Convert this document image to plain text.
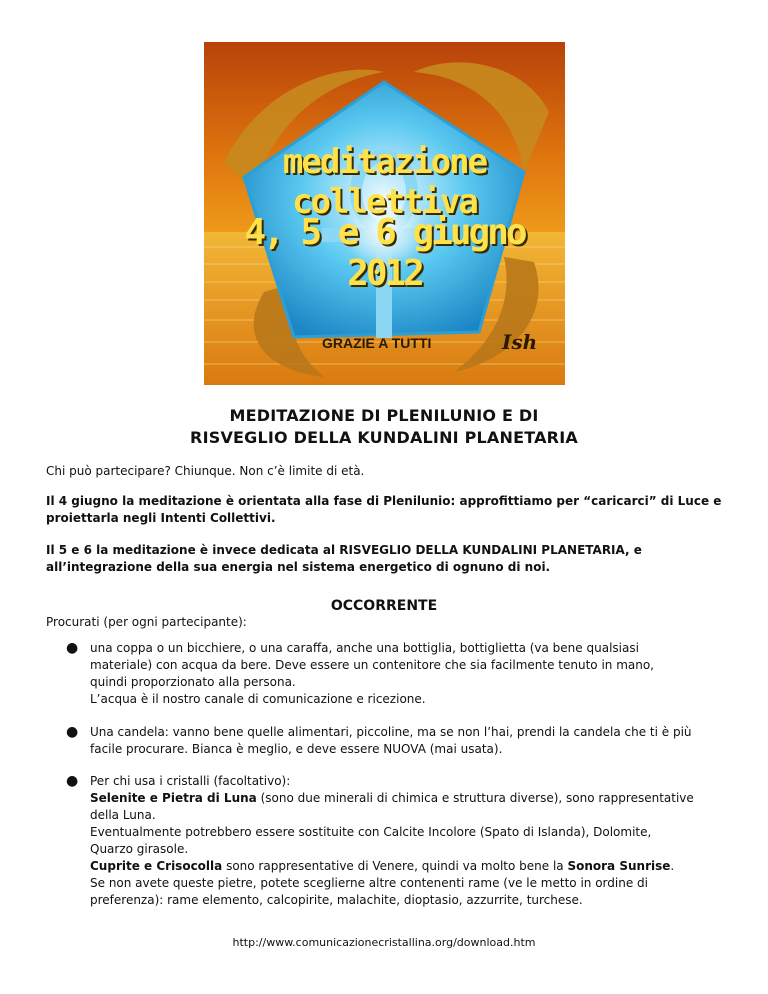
meditazione collettiva
4, 5 e 6 giugno 2012
GRAZIE A TUTTI	Ish
MEDITAZIONE DI PLENILUNIO E DI
RISVEGLIO DELLA KUNDALINI PLANETARIA
Chi può partecipare? Chiunque. Non c’è limite di età.
Il 4 giugno la meditazione è orientata alla fase di Plenilunio: approfittiamo per “caricarci” di Luce e
proiettarla negli Intenti Collettivi.
Il 5 e 6 la meditazione è invece dedicata al RISVEGLIO DELLA KUNDALINI PLANETARIA, e
all’integrazione della sua energia nel sistema energetico di ognuno di noi.
OCCORRENTE
Procurati (per ogni partecipante):
● una coppa o un bicchiere, o una caraffa, anche una bottiglia, bottiglietta (va bene qualsiasi
materiale) con acqua da bere. Deve essere un contenitore che sia facilmente tenuto in mano,
quindi proporzionato alla persona.
L’acqua è il nostro canale di comunicazione e ricezione.
● Una candela: vanno bene quelle alimentari, piccoline, ma se non l’hai, prendi la candela che ti è più
facile procurare. Bianca è meglio, e deve essere NUOVA (mai usata).
● Per chi usa i cristalli (facoltativo):
Selenite e Pietra di Luna (sono due minerali di chimica e struttura diverse), sono rappresentative
della Luna.
Eventualmente potrebbero essere sostituite con Calcite Incolore (Spato di Islanda), Dolomite,
Quarzo girasole.
Cuprite e Crisocolla sono rappresentative di Venere, quindi va molto bene la Sonora Sunrise.
Se non avete queste pietre, potete sceglierne altre contenenti rame (ve le metto in ordine di
preferenza): rame elemento, calcopirite, malachite, dioptasio, azzurrite, turchese.
http://www.comunicazionecristallina.org/download.htm
